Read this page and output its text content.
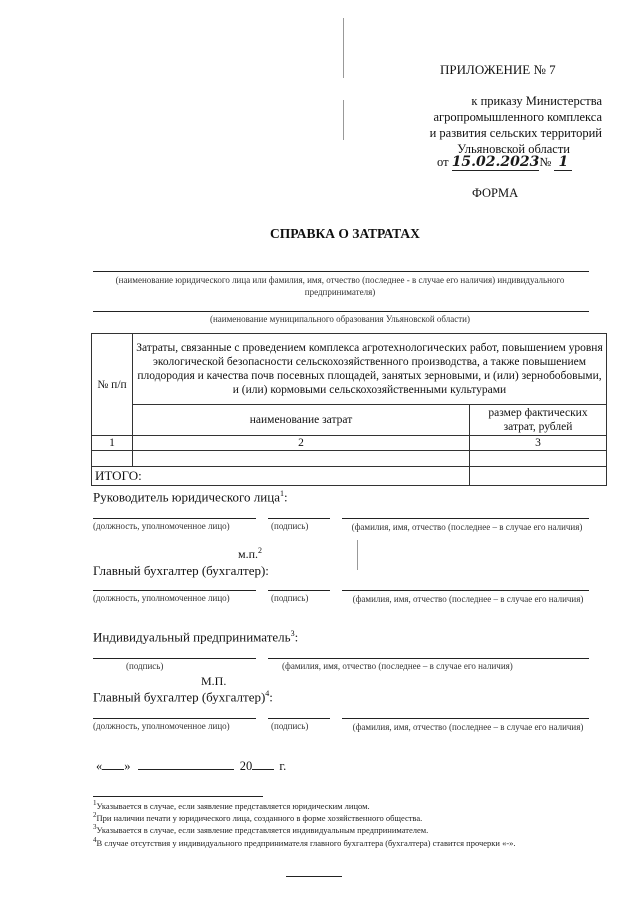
ПРИЛОЖЕНИЕ № 7
к приказу Министерства
агропромышленного комплекса
и развития сельских территорий
Ульяновской области
от 15.02.2023№ 1
ФОРМА
СПРАВКА О ЗАТРАТАХ
(наименование юридического лица или фамилия, имя, отчество (последнее - в случае его наличия) индивидуального предпринимателя)
(наименование муниципального образования Ульяновской области)
№ п/п	Затраты, связанные с проведением комплекса агротехнологических работ, повышением уровня экологической безопасности сельскохозяйственного производства, а также повышением плодородия и качества почв посевных площадей, занятых зерновыми, и (или) зернобобовыми, и (или) кормовыми сельскохозяйственными культурами	
	наименование затрат	размер фактических затрат, рублей
1	2	3

ИТОГО:		
Руководитель юридического лица$^1$:
(должность, уполномоченное лицо)	(подпись)	(фамилия, имя, отчество (последнее – в случае его наличия)
м.п.$^2$
Главный бухгалтер (бухгалтер):
(должность, уполномоченное лицо)	(подпись)	(фамилия, имя, отчество (последнее – в случае его наличия)
Индивидуальный предприниматель$^3$:
(подпись)	(фамилия, имя, отчество (последнее – в случае его наличия)
М.П.
Главный бухгалтер (бухгалтер)$^4$:
(должность, уполномоченное лицо)	(подпись)	(фамилия, имя, отчество (последнее – в случае его наличия)
« »	20 г.
$^1$Указывается в случае, если заявление представляется юридическим лицом.
$^2$При наличии печати у юридического лица, созданного в форме хозяйственного общества.
$^3$Указывается в случае, если заявление представляется индивидуальным предпринимателем.
$^4$В случае отсутствия у индивидуального предпринимателя главного бухгалтера (бухгалтера) ставится прочерки «-».
